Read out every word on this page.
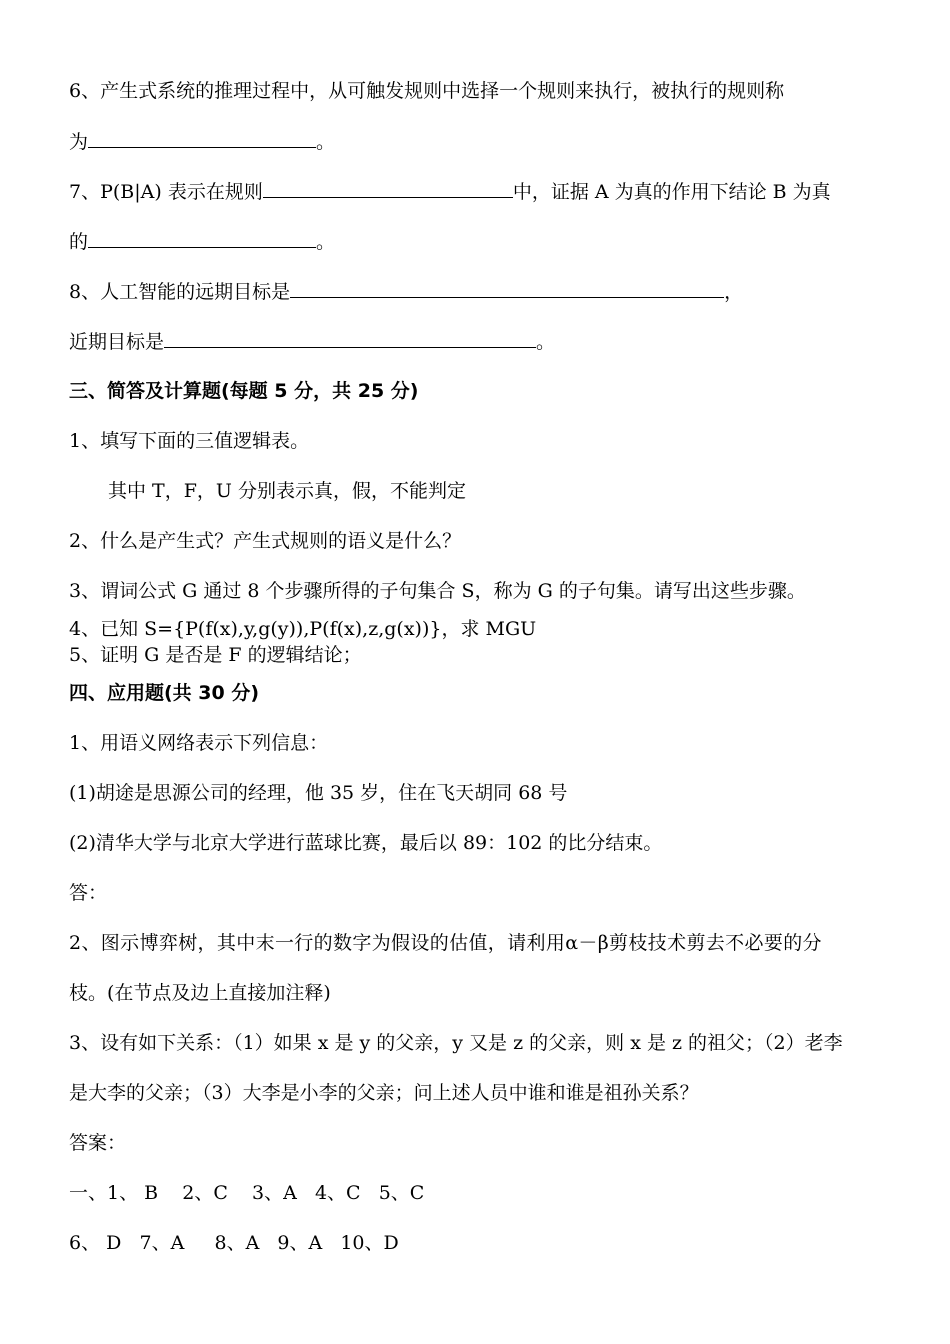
6、产生式系统的推理过程中，从可触发规则中选择一个规则来执行，被执行的规则称
为	。
7、P(B|A) 表示在规则	中，证据 A 为真的作用下结论 B 为真
的	。
8、人工智能的远期目标是	，
近期目标是	。
三、简答及计算题(每题 5 分，共 25 分)
1、填写下面的三值逻辑表。
其中 T，F，U 分别表示真，假，不能判定
2、什么是产生式？产生式规则的语义是什么？
3、谓词公式 G 通过 8 个步骤所得的子句集合 S，称为 G 的子句集。请写出这些步骤。
4、已知 S={P(f(x),y,g(y)),P(f(x),z,g(x))}，求 MGU
5、证明 G 是否是 F 的逻辑结论；
四、应用题(共 30 分)
1、用语义网络表示下列信息：
(1)胡途是思源公司的经理，他 35 岁，住在飞天胡同 68 号
(2)清华大学与北京大学进行蓝球比赛，最后以 89：102 的比分结束。
答：
2、图示博弈树，其中末一行的数字为假设的估值，请利用α－β剪枝技术剪去不必要的分
枝。(在节点及边上直接加注释)
3、设有如下关系：（1）如果 x 是 y 的父亲，y 又是 z 的父亲，则 x 是 z 的祖父；（2）老李
是大李的父亲；（3）大李是小李的父亲；问上述人员中谁和谁是祖孙关系？
答案：
一、1、 B    2、C    3、A   4、C   5、C
6、 D   7、A     8、A   9、A   10、D
